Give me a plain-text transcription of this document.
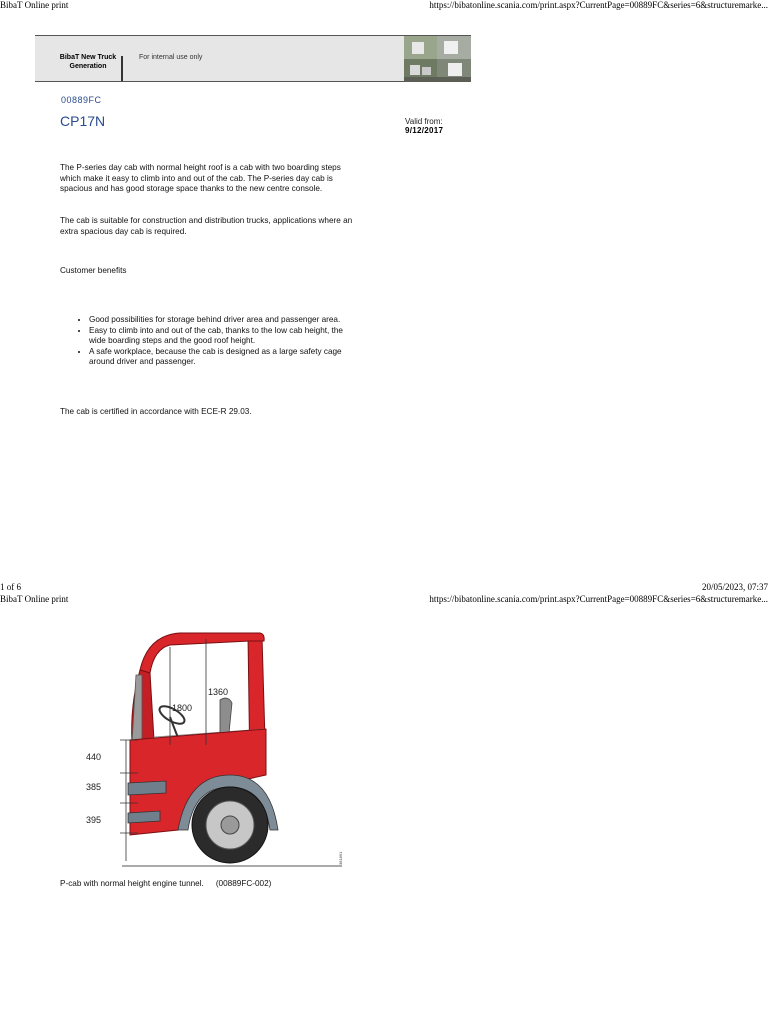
BibaT Online print	https://bibatonline.scania.com/print.aspx?CurrentPage=00889FC&series=6&structuremarke...
BibaT New Truck
Generation
For internal use only
00889FC
CP17N	Valid from:
9/12/2017
The P-series day cab with normal height roof is a cab with two boarding steps which make it easy to climb into and out of the cab. The P-series day cab is spacious and has good storage space thanks to the new centre console.
The cab is suitable for construction and distribution trucks, applications where an extra spacious day cab is required.
Customer benefits
• Good possibilities for storage behind driver area and passenger area.
• Easy to climb into and out of the cab, thanks to the low cab height, the wide boarding steps and the good roof height.
• A safe workplace, because the cab is designed as a large safety cage around driver and passenger.
The cab is certified in accordance with ECE-R 29.03.
1 of 6	20/05/2023, 07:37
BibaT Online print	https://bibatonline.scania.com/print.aspx?CurrentPage=00889FC&series=6&structuremarke...
1360
1800
440
385
395
381891
P-cab with normal height engine tunnel. (00889FC-002)
